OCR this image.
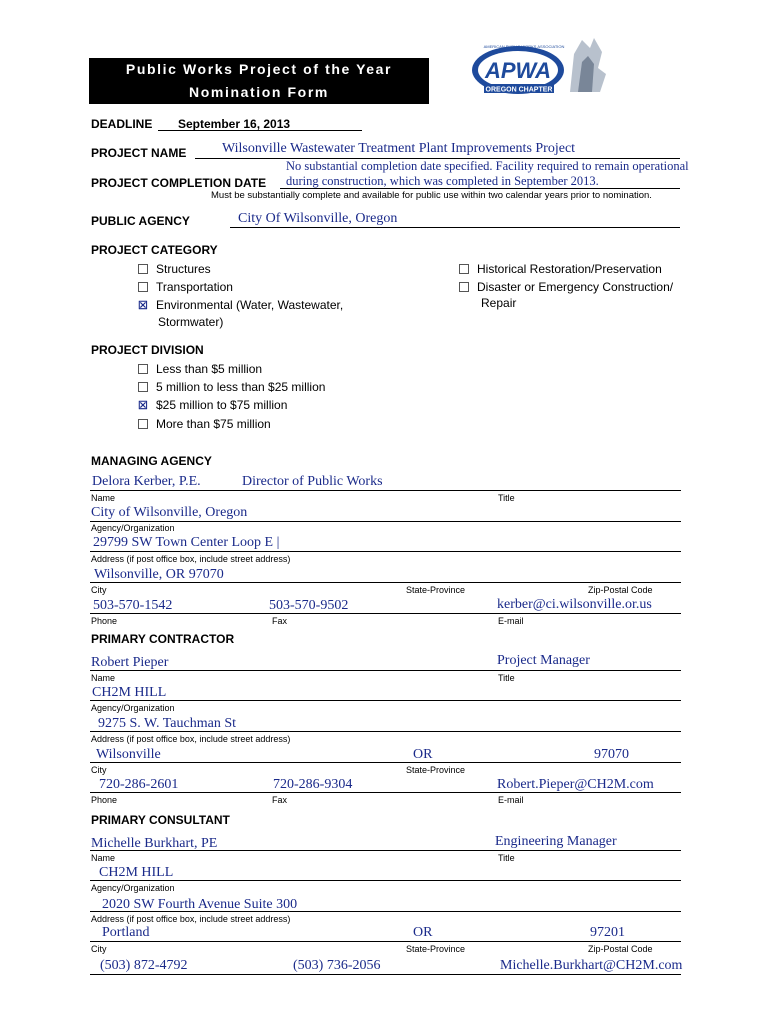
Public Works Project of the Year
Nomination Form
APWA
OREGON CHAPTER
AMERICAN PUBLIC WORKS ASSOCIATION
DEADLINE September 16, 2013
PROJECT NAME	Wilsonville Wastewater Treatment Plant Improvements Project
No substantial completion date specified. Facility required to remain operational
PROJECT COMPLETION DATE during construction, which was completed in September 2013.
Must be substantially complete and available for public use within two calendar years prior to nomination.
PUBLIC AGENCY	City Of Wilsonville, Oregon
PROJECT CATEGORY
Structures
Transportation
☒ Environmental (Water, Wastewater,
Stormwater)
Historical Restoration/Preservation
Disaster or Emergency Construction/
Repair
PROJECT DIVISION
Less than $5 million
5 million to less than $25 million
☒ $25 million to $75 million
More than $75 million
MANAGING AGENCY
Delora Kerber, P.E.	Director of Public Works
Name	Title
City of Wilsonville, Oregon
Agency/Organization
29799 SW Town Center Loop E |
Address (if post office box, include street address)
Wilsonville, OR 97070
City	State-Province	Zip-Postal Code
503-570-1542	503-570-9502	kerber@ci.wilsonville.or.us
Phone	Fax	E-mail
PRIMARY CONTRACTOR
Robert Pieper	Project Manager
Name	Title
CH2M HILL
Agency/Organization
9275 S. W. Tauchman St
Address (if post office box, include street address)
Wilsonville	OR	97070
City	State-Province
720-286-2601	720-286-9304	Robert.Pieper@CH2M.com
Phone	Fax	E-mail
PRIMARY CONSULTANT
Michelle Burkhart, PE	Engineering Manager
Name	Title
CH2M HILL
Agency/Organization
2020 SW Fourth Avenue Suite 300
Address (if post office box, include street address)
Portland	OR	97201
City	State-Province	Zip-Postal Code
(503) 872-4792	(503) 736-2056	Michelle.Burkhart@CH2M.com
